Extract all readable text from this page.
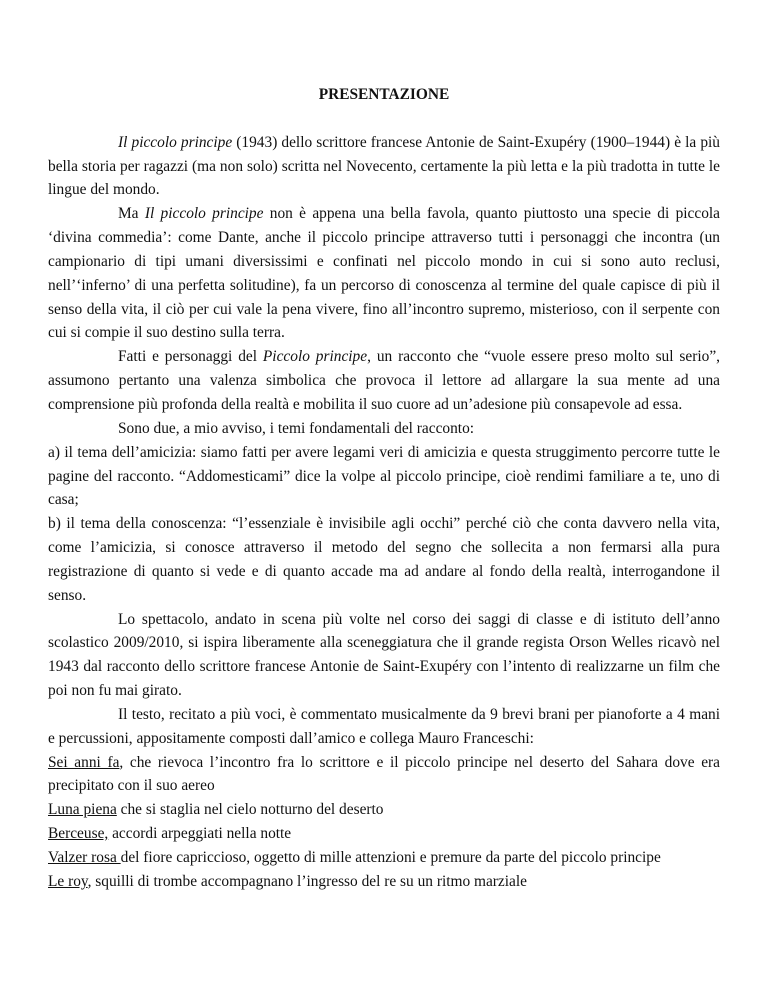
PRESENTAZIONE

Il piccolo principe (1943) dello scrittore francese Antonie de Saint-Exupéry (1900–1944) è la più bella storia per ragazzi (ma non solo) scritta nel Novecento, certamente la più letta e la più tradotta in tutte le lingue del mondo.

Ma Il piccolo principe non è appena una bella favola, quanto piuttosto una specie di piccola ‘divina commedia’: come Dante, anche il piccolo principe attraverso tutti i personaggi che incontra (un campionario di tipi umani diversissimi e confinati nel piccolo mondo in cui si sono auto reclusi, nell’‘inferno’ di una perfetta solitudine), fa un percorso di conoscenza al termine del quale capisce di più il senso della vita, il ciò per cui vale la pena vivere, fino all’incontro supremo, misterioso, con il serpente con cui si compie il suo destino sulla terra.

Fatti e personaggi del Piccolo principe, un racconto che “vuole essere preso molto sul serio”, assumono pertanto una valenza simbolica che provoca il lettore ad allargare la sua mente ad una comprensione più profonda della realtà e mobilita il suo cuore ad un’adesione più consapevole ad essa.

Sono due, a mio avviso, i temi fondamentali del racconto:

a) il tema dell’amicizia: siamo fatti per avere legami veri di amicizia e questa struggimento percorre tutte le pagine del racconto. “Addomesticami” dice la volpe al piccolo principe, cioè rendimi familiare a te, uno di casa;

b) il tema della conoscenza: “l’essenziale è invisibile agli occhi” perché ciò che conta davvero nella vita, come l’amicizia, si conosce attraverso il metodo del segno che sollecita a non fermarsi alla pura registrazione di quanto si vede e di quanto accade ma ad andare al fondo della realtà, interrogandone il senso.

Lo spettacolo, andato in scena più volte nel corso dei saggi di classe e di istituto dell’anno scolastico 2009/2010, si ispira liberamente alla sceneggiatura che il grande regista Orson Welles ricavò nel 1943 dal racconto dello scrittore francese Antonie de Saint-Exupéry con l’intento di realizzarne un film che poi non fu mai girato.

Il testo, recitato a più voci, è commentato musicalmente da 9 brevi brani per pianoforte a 4 mani e percussioni, appositamente composti dall’amico e collega Mauro Franceschi:

Sei anni fa, che rievoca l’incontro fra lo scrittore e il piccolo principe nel deserto del Sahara dove era precipitato con il suo aereo

Luna piena che si staglia nel cielo notturno del deserto

Berceuse, accordi arpeggiati nella notte

Valzer rosa del fiore capriccioso, oggetto di mille attenzioni e premure da parte del piccolo principe

Le roy, squilli di trombe accompagnano l’ingresso del re su un ritmo marziale
